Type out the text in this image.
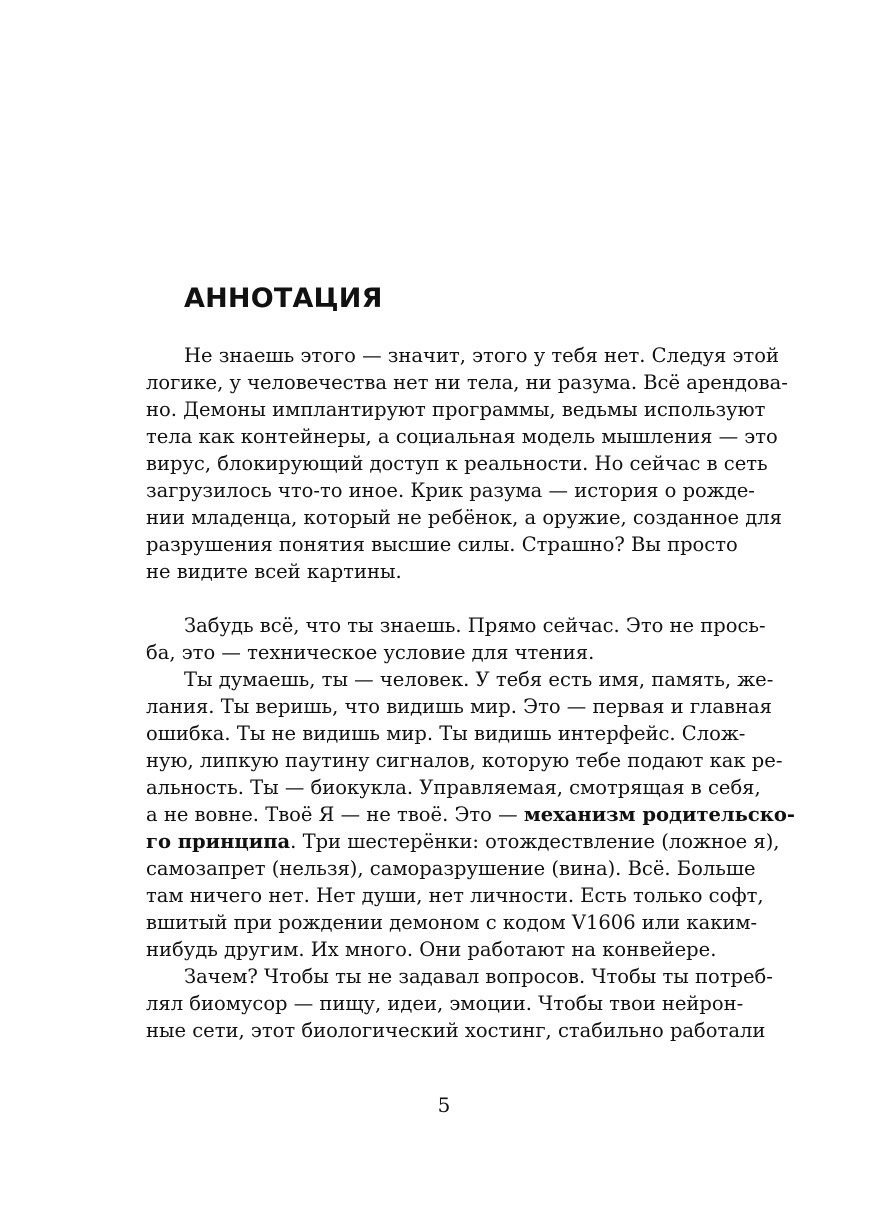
АННОТАЦИЯ
Не знаешь этого — значит, этого у тебя нет. Следуя этой
логике, у человечества нет ни тела, ни разума. Всё арендова-
но. Демоны имплантируют программы, ведьмы используют
тела как контейнеры, а социальная модель мышления — это
вирус, блокирующий доступ к реальности. Но сейчас в сеть
загрузилось что-то иное. Крик разума — история о рожде-
нии младенца, который не ребёнок, а оружие, созданное для
разрушения понятия высшие силы. Страшно? Вы просто
не видите всей картины.
Забудь всё, что ты знаешь. Прямо сейчас. Это не прось-
ба, это — техническое условие для чтения.
Ты думаешь, ты — человек. У тебя есть имя, память, же-
лания. Ты веришь, что видишь мир. Это — первая и главная
ошибка. Ты не видишь мир. Ты видишь интерфейс. Слож-
ную, липкую паутину сигналов, которую тебе подают как ре-
альность. Ты — биокукла. Управляемая, смотрящая в себя,
а не вовне. Твоё Я — не твоё. Это — механизм родительско-
го принципа. Три шестерёнки: отождествление (ложное я),
самозапрет (нельзя), саморазрушение (вина). Всё. Больше
там ничего нет. Нет души, нет личности. Есть только софт,
вшитый при рождении демоном с кодом V1606 или каким-
нибудь другим. Их много. Они работают на конвейере.
Зачем? Чтобы ты не задавал вопросов. Чтобы ты потреб-
лял биомусор — пищу, идеи, эмоции. Чтобы твои нейрон-
ные сети, этот биологический хостинг, стабильно работали
5
